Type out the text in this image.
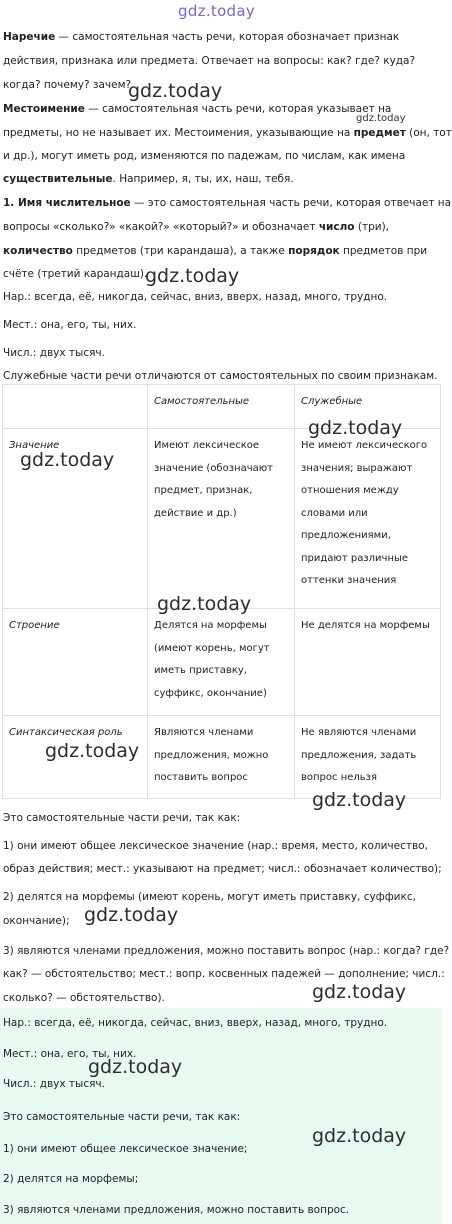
gdz.today
Наречие — самостоятельная часть речи, которая обозначает признак
действия, признака или предмета. Отвечает на вопросы: как? где? куда?
когда? почему? зачем?
Местоимение — самостоятельная часть речи, которая указывает на
предметы, но не называет их. Местоимения, указывающие на предмет (он, тот
и др.), могут иметь род, изменяются по падежам, по числам, как имена
существительные. Например, я, ты, их, наш, тебя.
1. Имя числительное — это самостоятельная часть речи, которая отвечает на
вопросы «сколько?» «какой?» «который?» и обозначает число (три),
количество предметов (три карандаша), а также порядок предметов при
счёте (третий карандаш).
Нар.: всегда, её, никогда, сейчас, вниз, вверх, назад, много, трудно.
Мест.: она, его, ты, них.
Числ.: двух тысяч.
Служебные части речи отличаются от самостоятельных по своим признакам.
	Самостоятельные	Служебные
Значение	Имеют лексическое значение (обозначают предмет, признак, действие и др.)	Не имеют лексического значения; выражают отношения между словами или предложениями, придают различные оттенки значения
Строение	Делятся на морфемы (имеют корень, могут иметь приставку, суффикс, окончание)	Не делятся на морфемы
Синтаксическая роль	Являются членами предложения, можно поставить вопрос	Не являются членами предложения, задать вопрос нельзя
Это самостоятельные части речи, так как:
1) они имеют общее лексическое значение (нар.: время, место, количество,
образ действия; мест.: указывают на предмет; числ.: обозначает количество);
2) делятся на морфемы (имеют корень, могут иметь приставку, суффикс,
окончание);
3) являются членами предложения, можно поставить вопрос (нар.: когда? где?
как? — обстоятельство; мест.: вопр. косвенных падежей — дополнение; числ.:
сколько? — обстоятельство).
Нар.: всегда, её, никогда, сейчас, вниз, вверх, назад, много, трудно.
Мест.: она, его, ты, них.
Числ.: двух тысяч.
Это самостоятельные части речи, так как:
1) они имеют общее лексическое значение;
2) делятся на морфемы;
3) являются членами предложения, можно поставить вопрос.
gdz.today
gdz.today
gdz.today
gdz.today
gdz.today
gdz.today
gdz.today
gdz.today
gdz.today
gdz.today
gdz.today
gdz.today
